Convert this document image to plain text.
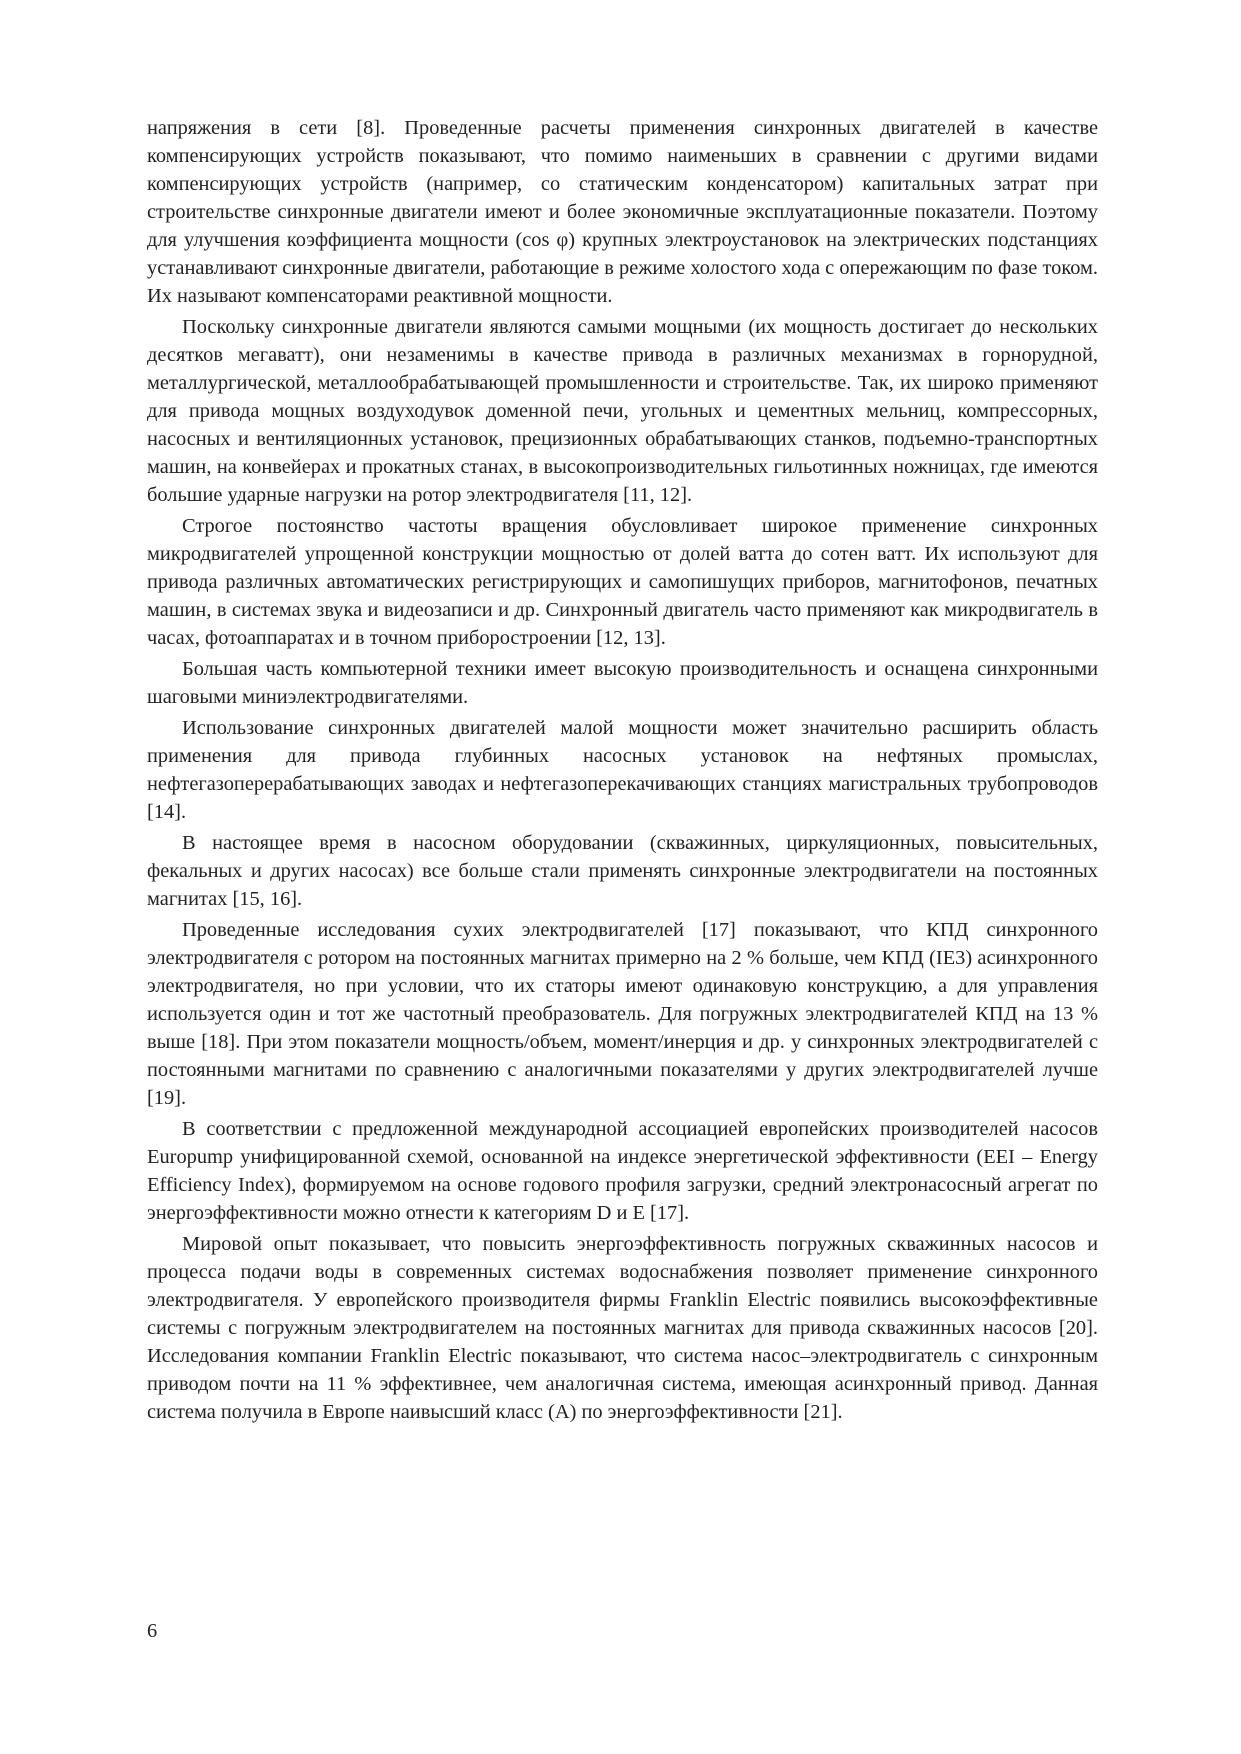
напряжения в сети [8]. Проведенные расчеты применения синхронных двигателей в качестве компенсирующих устройств показывают, что помимо наименьших в сравнении с другими видами компенсирующих устройств (например, со статическим конденсатором) капитальных затрат при строительстве синхронные двигатели имеют и более экономичные эксплуатационные показатели. Поэтому для улучшения коэффициента мощности (cos φ) крупных электроустановок на электрических подстанциях устанавливают синхронные двигатели, работающие в режиме холостого хода с опережающим по фазе током. Их называют компенсаторами реактивной мощности.

Поскольку синхронные двигатели являются самыми мощными (их мощность достигает до нескольких десятков мегаватт), они незаменимы в качестве привода в различных механизмах в горнорудной, металлургической, металлообрабатывающей промышленности и строительстве. Так, их широко применяют для привода мощных воздуходувок доменной печи, угольных и цементных мельниц, компрессорных, насосных и вентиляционных установок, прецизионных обрабатывающих станков, подъемно-транспортных машин, на конвейерах и прокатных станах, в высокопроизводительных гильотинных ножницах, где имеются большие ударные нагрузки на ротор электродвигателя [11, 12].

Строгое постоянство частоты вращения обусловливает широкое применение синхронных микродвигателей упрощенной конструкции мощностью от долей ватта до сотен ватт. Их используют для привода различных автоматических регистрирующих и самопишущих приборов, магнитофонов, печатных машин, в системах звука и видеозаписи и др. Синхронный двигатель часто применяют как микродвигатель в часах, фотоаппаратах и в точном приборостроении [12, 13].

Большая часть компьютерной техники имеет высокую производительность и оснащена синхронными шаговыми миниэлектродвигателями.

Использование синхронных двигателей малой мощности может значительно расширить область применения для привода глубинных насосных установок на нефтяных промыслах, нефтегазоперерабатывающих заводах и нефтегазоперекачивающих станциях магистральных трубопроводов [14].

В настоящее время в насосном оборудовании (скважинных, циркуляционных, повысительных, фекальных и других насосах) все больше стали применять синхронные электродвигатели на постоянных магнитах [15, 16].

Проведенные исследования сухих электродвигателей [17] показывают, что КПД синхронного электродвигателя с ротором на постоянных магнитах примерно на 2 % больше, чем КПД (IE3) асинхронного электродвигателя, но при условии, что их статоры имеют одинаковую конструкцию, а для управления используется один и тот же частотный преобразователь. Для погружных электродвигателей КПД на 13 % выше [18]. При этом показатели мощность/объем, момент/инерция и др. у синхронных электродвигателей с постоянными магнитами по сравнению с аналогичными показателями у других электродвигателей лучше [19].

В соответствии с предложенной международной ассоциацией европейских производителей насосов Europump унифицированной схемой, основанной на индексе энергетической эффективности (EEI – Energy Efficiency Index), формируемом на основе годового профиля загрузки, средний электронасосный агрегат по энергоэффективности можно отнести к категориям D и E [17].

Мировой опыт показывает, что повысить энергоэффективность погружных скважинных насосов и процесса подачи воды в современных системах водоснабжения позволяет применение синхронного электродвигателя. У европейского производителя фирмы Franklin Electric появились высокоэффективные системы с погружным электродвигателем на постоянных магнитах для привода скважинных насосов [20]. Исследования компании Franklin Electric показывают, что система насос–электродвигатель с синхронным приводом почти на 11 % эффективнее, чем аналогичная система, имеющая асинхронный привод. Данная система получила в Европе наивысший класс (А) по энергоэффективности [21].

6
